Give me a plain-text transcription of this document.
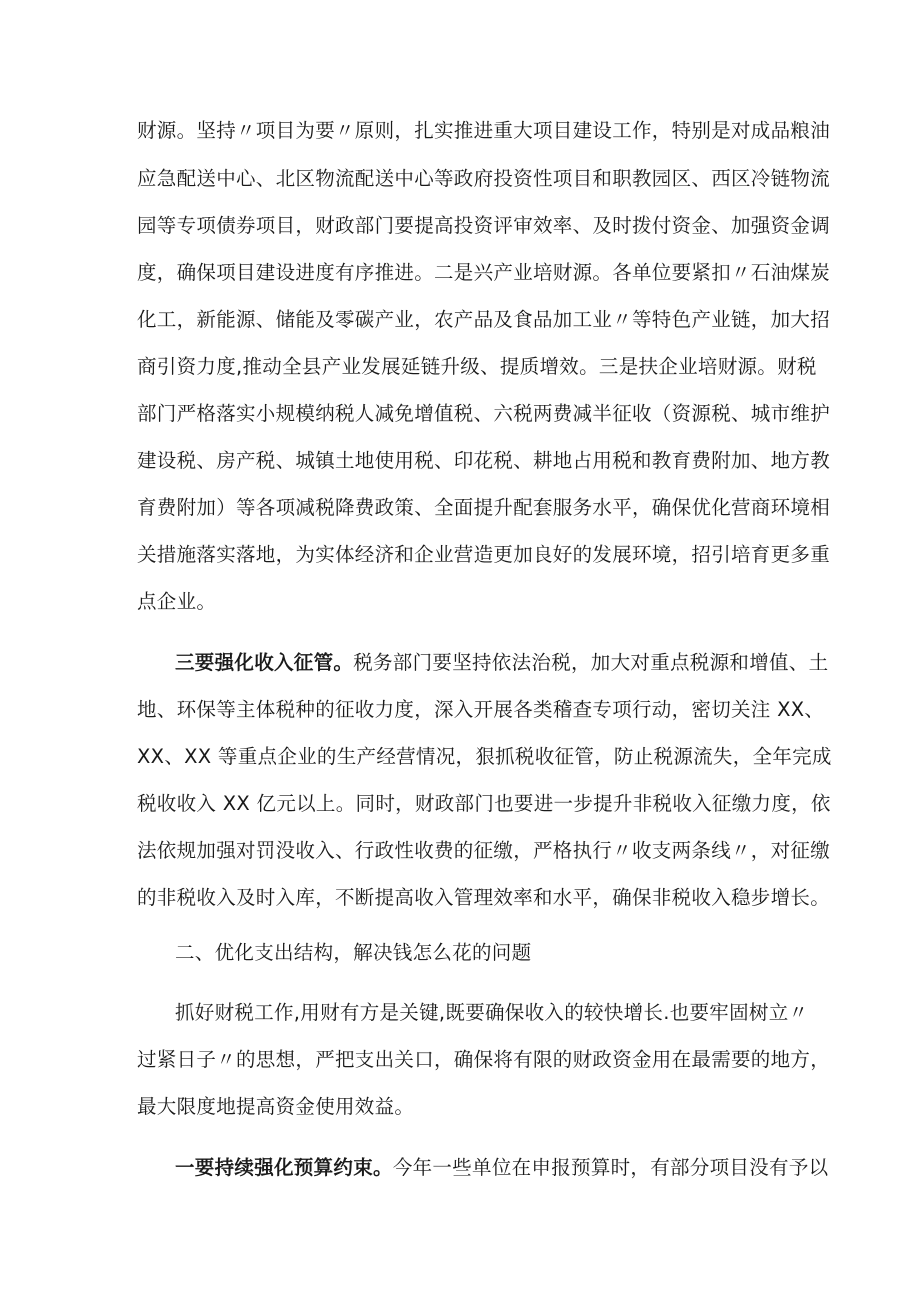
财源。坚持〃项目为要〃原则，扎实推进重大项目建设工作，特别是对成品粮油

应急配送中心、北区物流配送中心等政府投资性项目和职教园区、西区冷链物流

园等专项债券项目，财政部门要提高投资评审效率、及时拨付资金、加强资金调

度，确保项目建设进度有序推进。二是兴产业培财源。各单位要紧扣〃石油煤炭

化工，新能源、储能及零碳产业，农产品及食品加工业〃等特色产业链，加大招

商引资力度,推动全县产业发展延链升级、提质增效。三是扶企业培财源。财税

部门严格落实小规模纳税人减免增值税、六税两费减半征收（资源税、城市维护

建设税、房产税、城镇土地使用税、印花税、耕地占用税和教育费附加、地方教

育费附加）等各项减税降费政策、全面提升配套服务水平，确保优化营商环境相

关措施落实落地，为实体经济和企业营造更加良好的发展环境，招引培育更多重

点企业。

三要强化收入征管。税务部门要坚持依法治税，加大对重点税源和增值、土

地、环保等主体税种的征收力度，深入开展各类稽查专项行动，密切关注 XX、

XX、XX 等重点企业的生产经营情况，狠抓税收征管，防止税源流失，全年完成

税收收入 XX 亿元以上。同时，财政部门也要进一步提升非税收入征缴力度，依

法依规加强对罚没收入、行政性收费的征缴，严格执行〃收支两条线〃，对征缴

的非税收入及时入库，不断提高收入管理效率和水平，确保非税收入稳步增长。

二、优化支出结构，解决钱怎么花的问题

抓好财税工作,用财有方是关键,既要确保收入的较快增长.也要牢固树立〃

过紧日子〃的思想，严把支出关口，确保将有限的财政资金用在最需要的地方，

最大限度地提高资金使用效益。

一要持续强化预算约束。今年一些单位在申报预算时，有部分项目没有予以
